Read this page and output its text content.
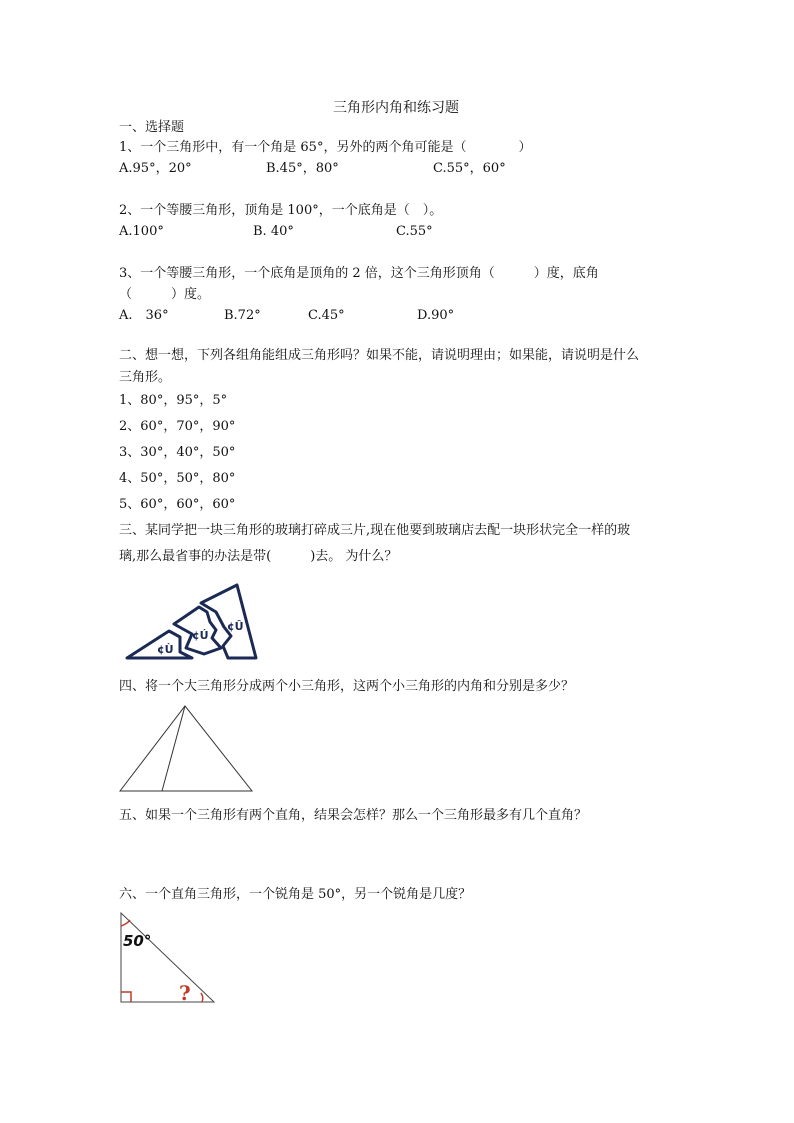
三角形内角和练习题
一、选择题
1、一个三角形中，有一个角是 65°，另外的两个角可能是（　　　　）
A.95°，20°	B.45°，80°	C.55°，60°
2、一个等腰三角形，顶角是 100°，一个底角是（　）。
A.100°	B. 40°	C.55°
3、一个等腰三角形，一个底角是顶角的 2 倍，这个三角形顶角（　　　）度，底角
（　　　）度。
A.　36°	B.72°	C.45°	D.90°
二、想一想，下列各组角能组成三角形吗？如果不能，请说明理由；如果能，请说明是什么
三角形。
1、80°，95°，5°
2、60°，70°，90°
3、30°，40°，50°
4、50°，50°，80°
5、60°，60°，60°
三、某同学把一块三角形的玻璃打碎成三片,现在他要到玻璃店去配一块形状完全一样的玻
璃,那么最省事的办法是带(　　　)去。 为什么？
¢Ù
¢Ú
¢Û
四、将一个大三角形分成两个小三角形，这两个小三角形的内角和分别是多少？
五、如果一个三角形有两个直角，结果会怎样？那么一个三角形最多有几个直角？
六、一个直角三角形，一个锐角是 50°，另一个锐角是几度？
50°
?
